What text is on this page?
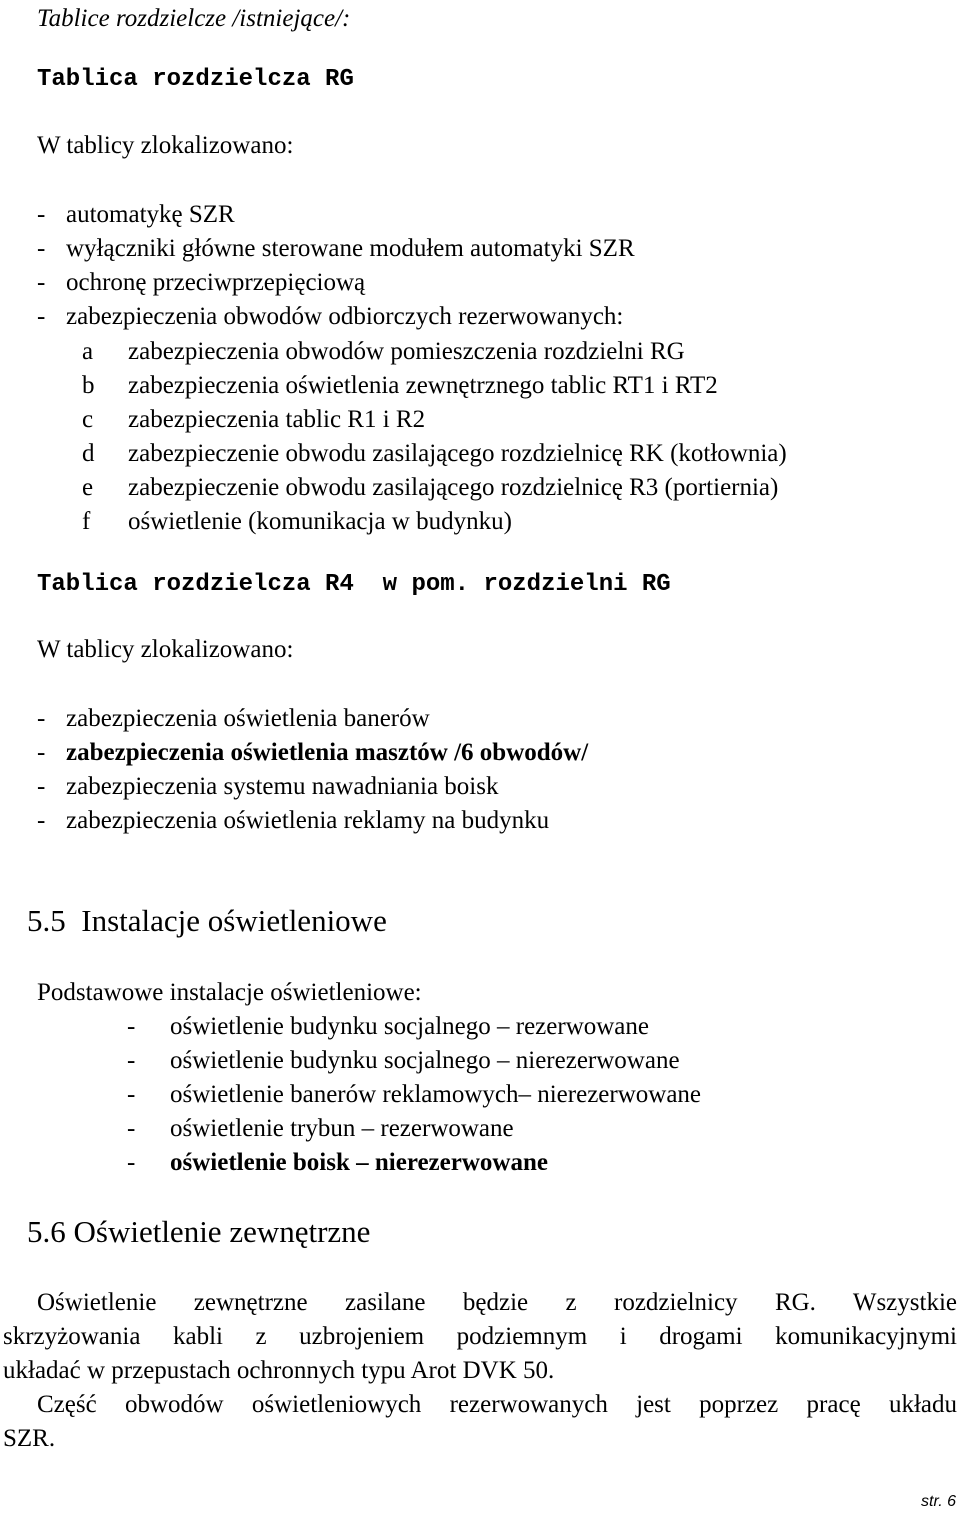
Tablice rozdzielcze /istniejące/:
Tablica rozdzielcza RG
W tablicy zlokalizowano:
- automatykę SZR
- wyłączniki główne sterowane modułem automatyki SZR
- ochronę przeciwprzepięciową
- zabezpieczenia obwodów odbiorczych rezerwowanych:
a zabezpieczenia obwodów pomieszczenia rozdzielni RG
b zabezpieczenia oświetlenia zewnętrznego tablic RT1 i RT2
c zabezpieczenia tablic R1 i R2
d zabezpieczenie obwodu zasilającego rozdzielnicę RK (kotłownia)
e zabezpieczenie obwodu zasilającego rozdzielnicę R3 (portiernia)
f oświetlenie (komunikacja w budynku)
Tablica rozdzielcza R4  w pom. rozdzielni RG
W tablicy zlokalizowano:
- zabezpieczenia oświetlenia banerów
- zabezpieczenia oświetlenia masztów /6 obwodów/
- zabezpieczenia systemu nawadniania boisk
- zabezpieczenia oświetlenia reklamy na budynku
5.5  Instalacje oświetleniowe
Podstawowe instalacje oświetleniowe:
- oświetlenie budynku socjalnego – rezerwowane
- oświetlenie budynku socjalnego – nierezerwowane
- oświetlenie banerów reklamowych– nierezerwowane
- oświetlenie trybun – rezerwowane
- oświetlenie boisk – nierezerwowane
5.6 Oświetlenie zewnętrzne
Oświetlenie zewnętrzne zasilane będzie z rozdzielnicy RG. Wszystkie
skrzyżowania kabli z uzbrojeniem podziemnym i drogami komunikacyjnymi
układać w przepustach ochronnych typu Arot DVK 50.
Część obwodów oświetleniowych rezerwowanych jest poprzez pracę układu
SZR.
str. 6
